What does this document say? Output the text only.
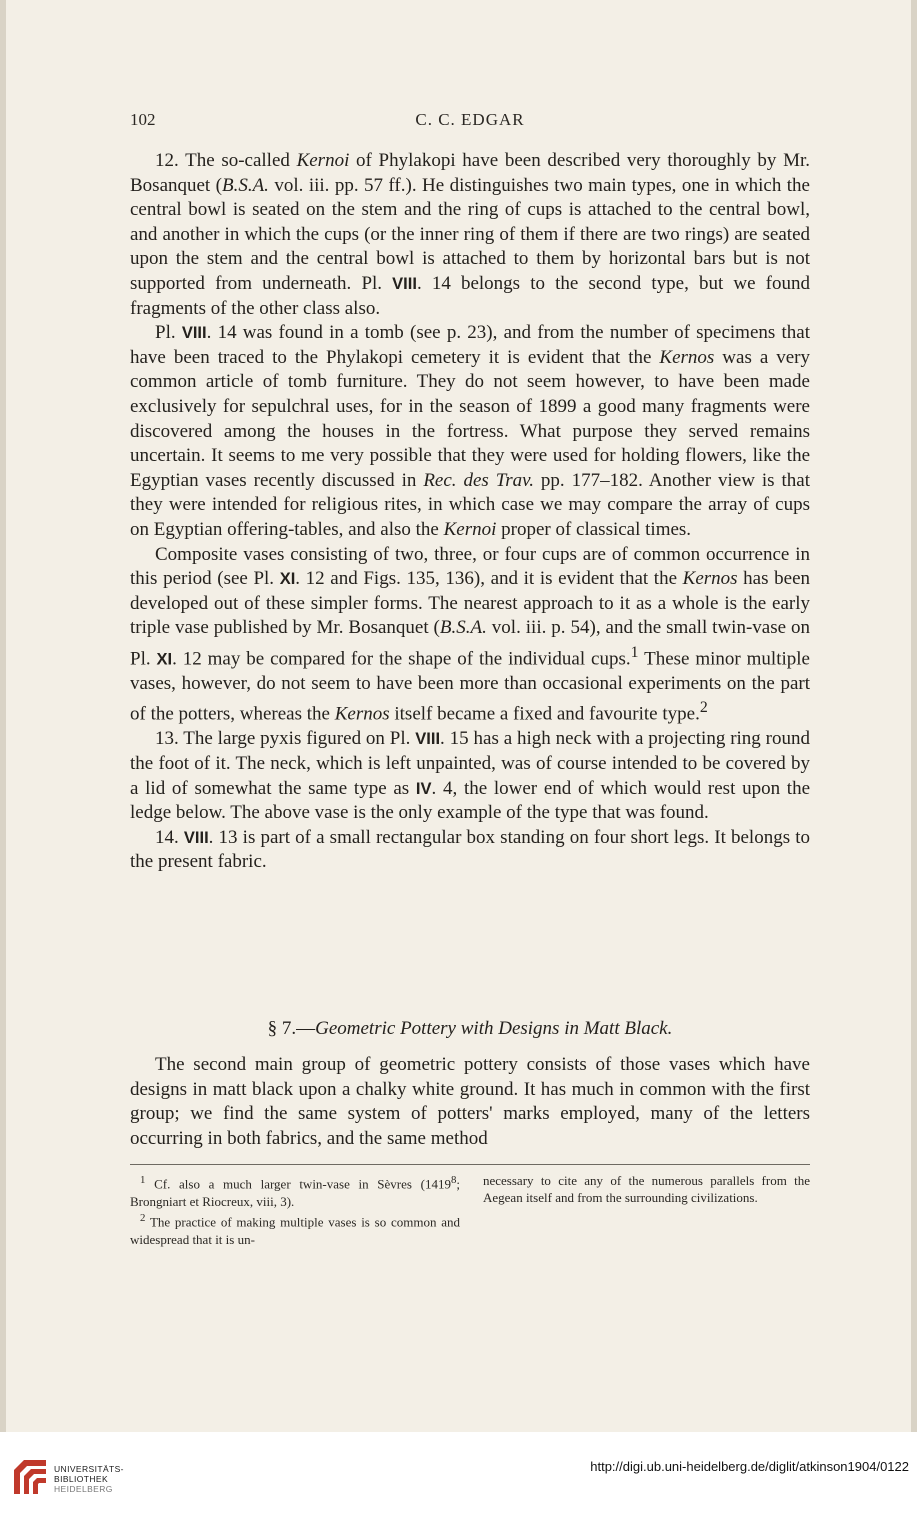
102	C. C. EDGAR

12. The so-called Kernoi of Phylakopi have been described very thoroughly by Mr. Bosanquet (B.S.A. vol. iii. pp. 57 ff.). He distinguishes two main types, one in which the central bowl is seated on the stem and the ring of cups is attached to the central bowl, and another in which the cups (or the inner ring of them if there are two rings) are seated upon the stem and the central bowl is attached to them by horizontal bars but is not supported from underneath. Pl. VIII. 14 belongs to the second type, but we found fragments of the other class also.

Pl. VIII. 14 was found in a tomb (see p. 23), and from the number of specimens that have been traced to the Phylakopi cemetery it is evident that the Kernos was a very common article of tomb furniture. They do not seem however, to have been made exclusively for sepulchral uses, for in the season of 1899 a good many fragments were discovered among the houses in the fortress. What purpose they served remains uncertain. It seems to me very possible that they were used for holding flowers, like the Egyptian vases recently discussed in Rec. des Trav. pp. 177–182. Another view is that they were intended for religious rites, in which case we may compare the array of cups on Egyptian offering-tables, and also the Kernoi proper of classical times.

Composite vases consisting of two, three, or four cups are of common occurrence in this period (see Pl. XI. 12 and Figs. 135, 136), and it is evident that the Kernos has been developed out of these simpler forms. The nearest approach to it as a whole is the early triple vase published by Mr. Bosanquet (B.S.A. vol. iii. p. 54), and the small twin-vase on Pl. XI. 12 may be compared for the shape of the individual cups.$^1$ These minor multiple vases, however, do not seem to have been more than occasional experiments on the part of the potters, whereas the Kernos itself became a fixed and favourite type.$^2$

13. The large pyxis figured on Pl. VIII. 15 has a high neck with a projecting ring round the foot of it. The neck, which is left unpainted, was of course intended to be covered by a lid of somewhat the same type as IV. 4, the lower end of which would rest upon the ledge below. The above vase is the only example of the type that was found.

14. VIII. 13 is part of a small rectangular box standing on four short legs. It belongs to the present fabric.

§ 7.—Geometric Pottery with Designs in Matt Black.

The second main group of geometric pottery consists of those vases which have designs in matt black upon a chalky white ground. It has much in common with the first group; we find the same system of potters' marks employed, many of the letters occurring in both fabrics, and the same method

$^1$ Cf. also a much larger twin-vase in Sèvres (1419$^8$; Brongniart et Riocreux, viii, 3).

$^2$ The practice of making multiple vases is so common and widespread that it is un-

necessary to cite any of the numerous parallels from the Aegean itself and from the surrounding civilizations.

UNIVERSITÄTS-
BIBLIOTHEK
HEIDELBERG
http://digi.ub.uni-heidelberg.de/diglit/atkinson1904/0122
